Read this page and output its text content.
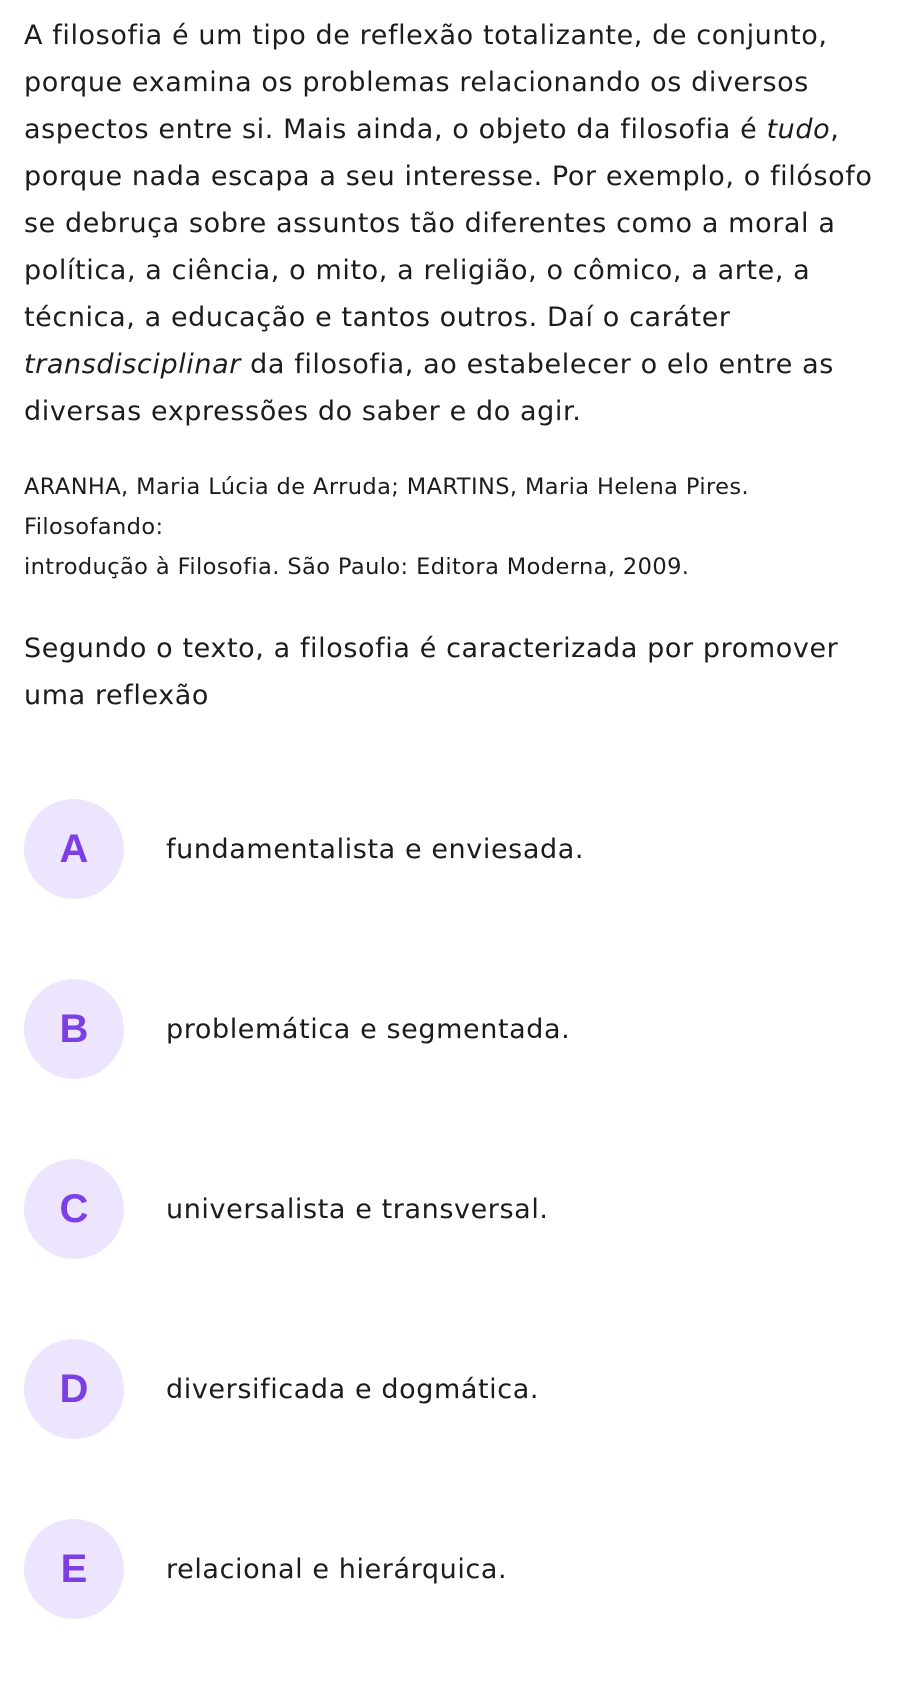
A filosofia é um tipo de reflexão totalizante, de conjunto, porque examina os problemas relacionando os diversos aspectos entre si. Mais ainda, o objeto da filosofia é tudo, porque nada escapa a seu interesse. Por exemplo, o filósofo se debruça sobre assuntos tão diferentes como a moral a política, a ciência, o mito, a religião, o cômico, a arte, a técnica, a educação e tantos outros. Daí o caráter transdisciplinar da filosofia, ao estabelecer o elo entre as diversas expressões do saber e do agir.

ARANHA, Maria Lúcia de Arruda; MARTINS, Maria Helena Pires.
Filosofando:
introdução à Filosofia. São Paulo: Editora Moderna, 2009.
Segundo o texto, a filosofia é caracterizada por promover uma reflexão
A	fundamentalista e enviesada.
B	problemática e segmentada.
C	universalista e transversal.
D	diversificada e dogmática.
E	relacional e hierárquica.
